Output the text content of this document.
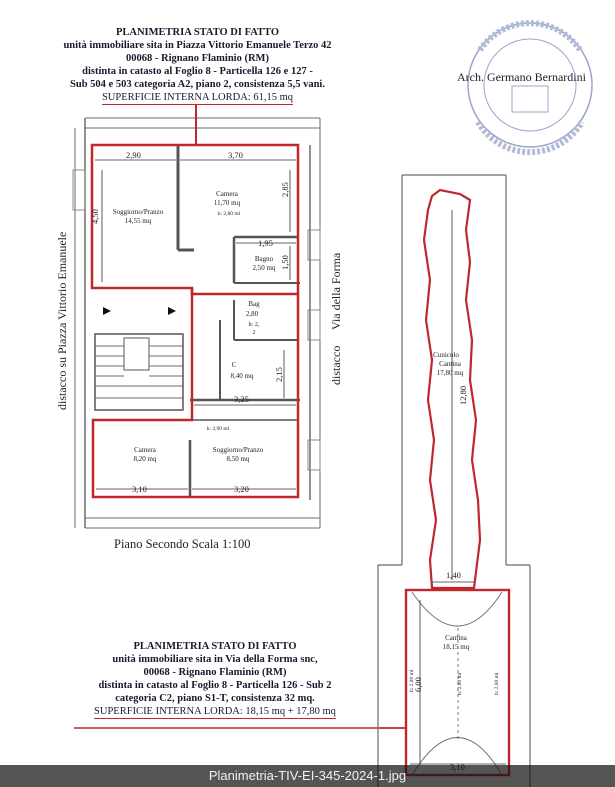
PLANIMETRIA STATO DI FATTO
unità immobiliare sita in Piazza Vittorio Emanuele Terzo 42
00068 - Rignano Flaminio (RM)
distinta in catasto al Foglio 8 - Particella 126 e 127 -
Sub 504 e 503 categoria A2, piano 2, consistenza 5,5 vani.
SUPERFICIE INTERNA LORDA: 61,15 mq
Arch. Germano Bernardini
2,90	3,70
4,50
2,85
1,95
1,50
2,15
3,25
3,10	3,20
12,80
1,40
6,00
h: 2,80 ml	h: 2,80 ml	h: 2,80 ml
Soggiorno/Pranzo
14,55 mq
Camera
11,70 mq
h: 2,80 ml
Bagno
2,50 mq
Bag
2,80
h: 2,
2
C
8,40 mq
h: 2,90 ml
Camera
8,20 mq
Soggiorno/Pranzo
8,50 mq
Cunicolo
Cantina
17,80 mq
Cantina
18,15 mq
distacco su Piazza Vittorio Emanuele	Via della Forma
distacco
Piano Secondo Scala 1:100
PLANIMETRIA STATO DI FATTO
unità immobiliare sita in Via della Forma snc,
00068 - Rignano Flaminio (RM)
distinta in catasto al Foglio 8 - Particella 126 - Sub 2
categoria C2, piano S1-T, consistenza 32 mq.
SUPERFICIE INTERNA LORDA: 18,15 mq + 17,80 mq
Planimetria-TIV-EI-345-2024-1.jpg
